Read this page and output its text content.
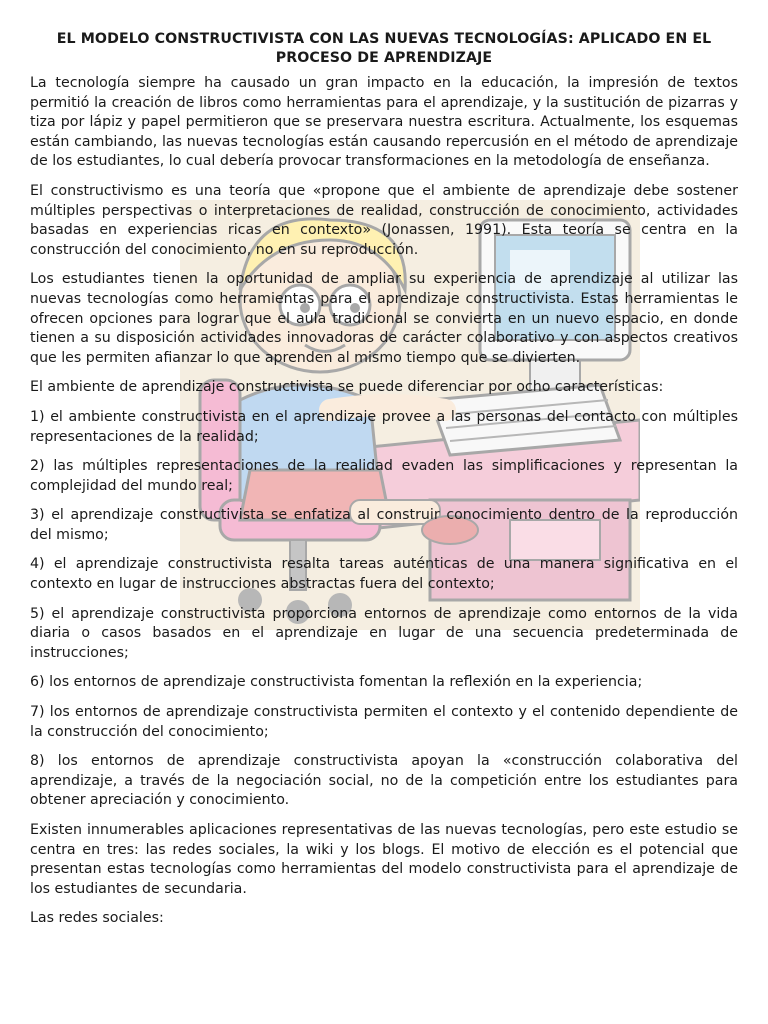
EL MODELO CONSTRUCTIVISTA CON LAS NUEVAS TECNOLOGÍAS: APLICADO EN EL PROCESO DE APRENDIZAJE

La tecnología siempre ha causado un gran impacto en la educación, la impresión de textos permitió la creación de libros como herramientas para el aprendizaje, y la sustitución de pizarras y tiza por lápiz y papel permitieron que se preservara nuestra escritura. Actualmente, los esquemas están cambiando, las nuevas tecnologías están causando repercusión en el método de aprendizaje de los estudiantes, lo cual debería provocar transformaciones en la metodología de enseñanza.

El constructivismo es una teoría que «propone que el ambiente de aprendizaje debe sostener múltiples perspectivas o interpretaciones de realidad, construcción de conocimiento, actividades basadas en experiencias ricas en contexto» (Jonassen, 1991). Esta teoría se centra en la construcción del conocimiento, no en su reproducción.

Los estudiantes tienen la oportunidad de ampliar su experiencia de aprendizaje al utilizar las nuevas tecnologías como herramientas para el aprendizaje constructivista. Estas herramientas le ofrecen opciones para lograr que el aula tradicional se convierta en un nuevo espacio, en donde tienen a su disposición actividades innovadoras de carácter colaborativo y con aspectos creativos que les permiten afianzar lo que aprenden al mismo tiempo que se divierten.

El ambiente de aprendizaje constructivista se puede diferenciar por ocho características:

1) el ambiente constructivista en el aprendizaje provee a las personas del contacto con múltiples representaciones de la realidad;

2) las múltiples representaciones de la realidad evaden las simplificaciones y representan la complejidad del mundo real;

3) el aprendizaje constructivista se enfatiza al construir conocimiento dentro de la reproducción del mismo;

4) el aprendizaje constructivista resalta tareas auténticas de una manera significativa en el contexto en lugar de instrucciones abstractas fuera del contexto;

5) el aprendizaje constructivista proporciona entornos de aprendizaje como entornos de la vida diaria o casos basados en el aprendizaje en lugar de una secuencia predeterminada de instrucciones;

6) los entornos de aprendizaje constructivista fomentan la reflexión en la experiencia;

7) los entornos de aprendizaje constructivista permiten el contexto y el contenido dependiente de la construcción del conocimiento;

8) los entornos de aprendizaje constructivista apoyan la «construcción colaborativa del aprendizaje, a través de la negociación social, no de la competición entre los estudiantes para obtener apreciación y conocimiento.

Existen innumerables aplicaciones representativas de las nuevas tecnologías, pero este estudio se centra en tres: las redes sociales, la wiki y los blogs. El motivo de elección es el potencial que presentan estas tecnologías como herramientas del modelo constructivista para el aprendizaje de los estudiantes de secundaria.

Las redes sociales:
